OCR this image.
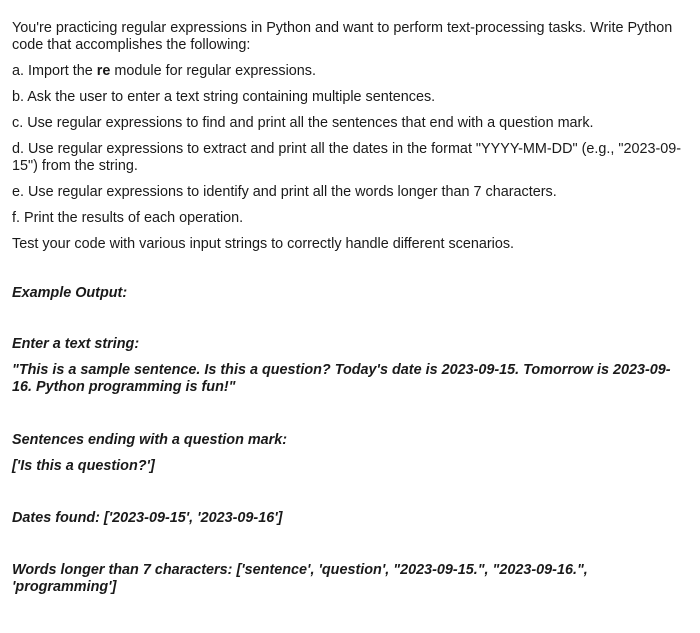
You're practicing regular expressions in Python and want to perform text-processing tasks. Write Python code that accomplishes the following:

a. Import the re module for regular expressions.

b. Ask the user to enter a text string containing multiple sentences.

c. Use regular expressions to find and print all the sentences that end with a question mark.

d. Use regular expressions to extract and print all the dates in the format "YYYY-MM-DD" (e.g., "2023-09-15") from the string.

e. Use regular expressions to identify and print all the words longer than 7 characters.

f. Print the results of each operation.

Test your code with various input strings to correctly handle different scenarios.

Example Output:

Enter a text string:

"This is a sample sentence. Is this a question? Today's date is 2023-09-15. Tomorrow is 2023-09-16. Python programming is fun!"

Sentences ending with a question mark:

['Is this a question?']

Dates found: ['2023-09-15', '2023-09-16']

Words longer than 7 characters: ['sentence', 'question', "2023-09-15.", "2023-09-16.", 'programming']
